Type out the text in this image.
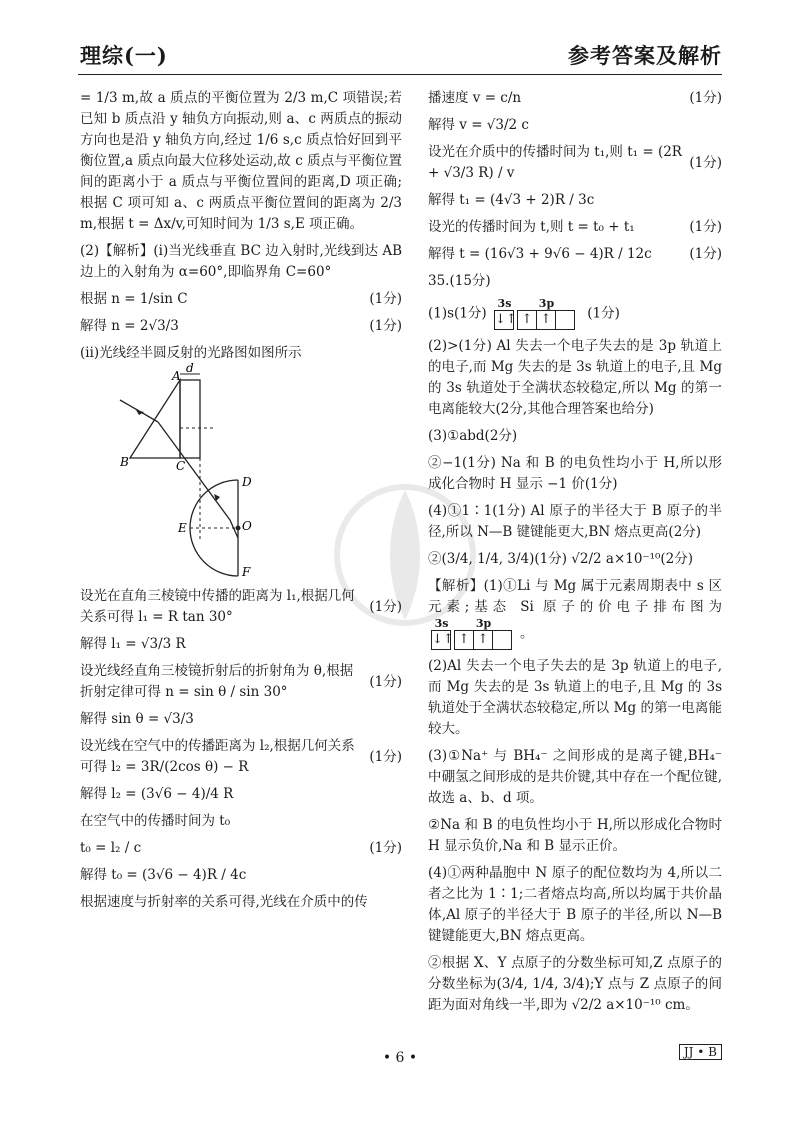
理综(一)	参考答案及解析
= 1/3 m,故 a 质点的平衡位置为 2/3 m,C 项错误;若已知 b 质点沿 y 轴负方向振动,则 a、c 两质点的振动方向也是沿 y 轴负方向,经过 1/6 s,c 质点恰好回到平衡位置,a 质点向最大位移处运动,故 c 质点与平衡位置间的距离小于 a 质点与平衡位置间的距离,D 项正确;根据 C 项可知 a、c 两质点平衡位置间的距离为 2/3 m,根据 t = Δx/v,可知时间为 1/3 s,E 项正确。
(2)【解析】(ⅰ)当光线垂直 BC 边入射时,光线到达 AB 边上的入射角为 α=60°,即临界角 C=60°
根据 n = 1/sin C	(1分)
解得 n = 2√3/3	(1分)
(ⅱ)光线经半圆反射的光路图如图所示
A
d
B	C
D
E	O
F
设光在直角三棱镜中传播的距离为 l₁,根据几何关系可得 l₁ = R tan 30°
(1分)
解得 l₁ = √3/3 R
设光线经直角三棱镜折射后的折射角为 θ,根据折射定律可得 n = sin θ / sin 30°
(1分)
解得 sin θ = √3/3
设光线在空气中的传播距离为 l₂,根据几何关系可得 l₂ = 3R/(2cos θ) − R
(1分)
解得 l₂ = (3√6 − 4)/4 R
在空气中的传播时间为 t₀
t₀ = l₂ / c	(1分)
解得 t₀ = (3√6 − 4)R / 4c
根据速度与折射率的关系可得,光线在介质中的传
播速度 v = c/n	(1分)
解得 v = √3/2 c
设光在介质中的传播时间为 t₁,则 t₁ = (2R + √3/3 R) / v
(1分)
解得 t₁ = (4√3 + 2)R / 3c
设光的传播时间为 t,则 t = t₀ + t₁	(1分)
解得 t = (16√3 + 9√6 − 4)R / 12c	(1分)
35.(15分)
(1)s(1分)
3s
↓↑
3p
↑ ↑	(1分)
(2)>(1分) Al 失去一个电子失去的是 3p 轨道上的电子,而 Mg 失去的是 3s 轨道上的电子,且 Mg 的 3s 轨道处于全满状态较稳定,所以 Mg 的第一电离能较大(2分,其他合理答案也给分)
(3)①abd(2分)
②−1(1分) Na 和 B 的电负性均小于 H,所以形成化合物时 H 显示 −1 价(1分)
(4)①1∶1(1分) Al 原子的半径大于 B 原子的半径,所以 N—B 键键能更大,BN 熔点更高(2分)
②(3/4, 1/4, 3/4)(1分) √2/2 a×10⁻¹⁰(2分)
【解析】(1)①Li 与 Mg 属于元素周期表中 s 区元素;基态 Si 原子的价电子排布图为
3s
↓↑
3p
↑ ↑	。
(2)Al 失去一个电子失去的是 3p 轨道上的电子,而 Mg 失去的是 3s 轨道上的电子,且 Mg 的 3s 轨道处于全满状态较稳定,所以 Mg 的第一电离能较大。
(3)①Na⁺ 与 BH₄⁻ 之间形成的是离子键,BH₄⁻ 中硼氢之间形成的是共价键,其中存在一个配位键,故选 a、b、d 项。
②Na 和 B 的电负性均小于 H,所以形成化合物时 H 显示负价,Na 和 B 显示正价。
(4)①两种晶胞中 N 原子的配位数均为 4,所以二者之比为 1∶1;二者熔点均高,所以均属于共价晶体,Al 原子的半径大于 B 原子的半径,所以 N—B 键键能更大,BN 熔点更高。
②根据 X、Y 点原子的分数坐标可知,Z 点原子的分数坐标为(3/4, 1/4, 3/4);Y 点与 Z 点原子的间距为面对角线一半,即为 √2/2 a×10⁻¹⁰ cm。
• 6 •	JJ • B
